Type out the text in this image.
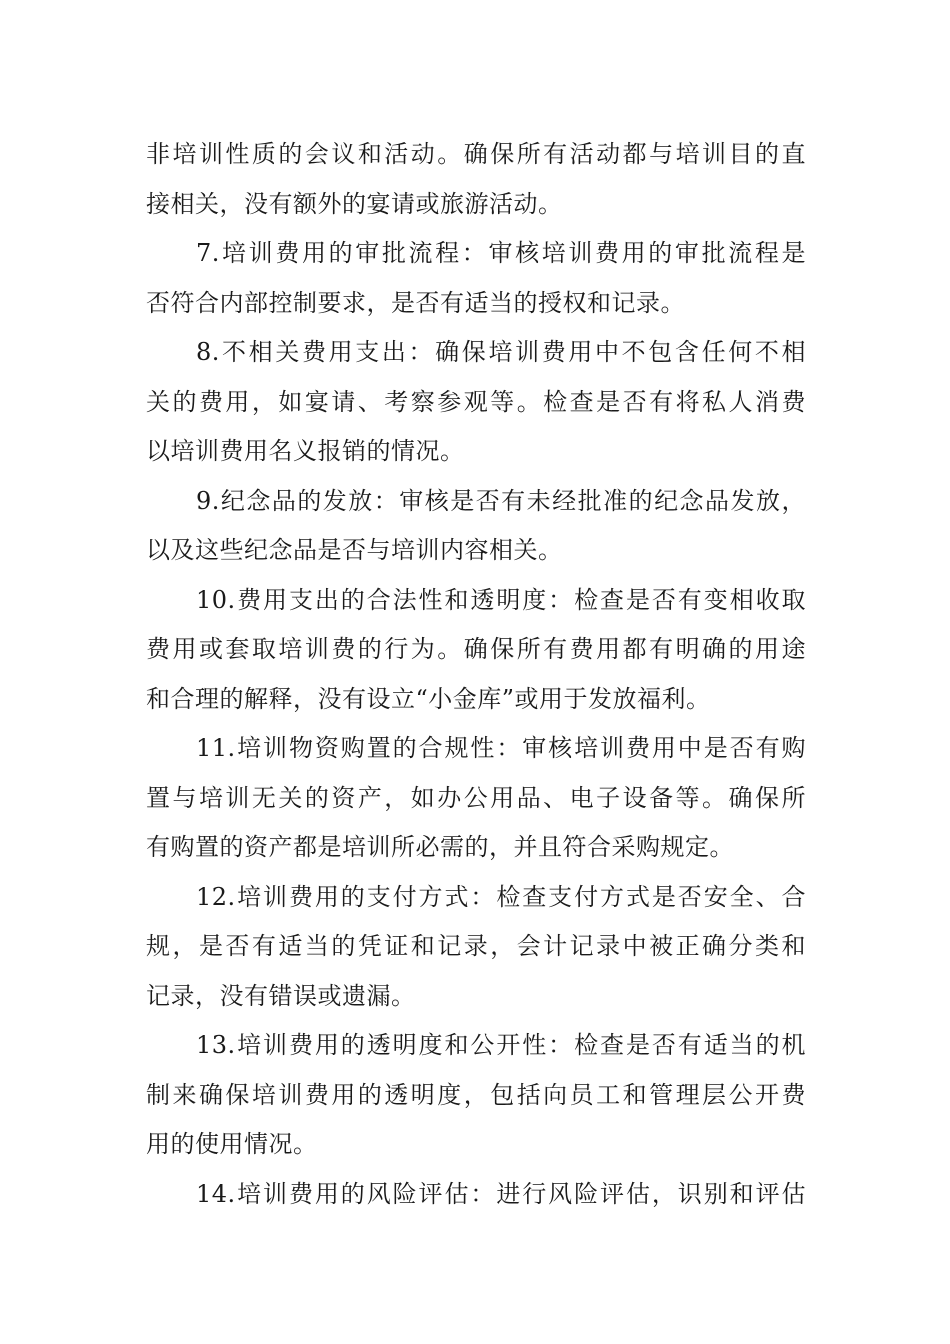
非培训性质的会议和活动。确保所有活动都与培训目的直
接相关，没有额外的宴请或旅游活动。
7.培训费用的审批流程：审核培训费用的审批流程是
否符合内部控制要求，是否有适当的授权和记录。
8.不相关费用支出：确保培训费用中不包含任何不相
关的费用，如宴请、考察参观等。检查是否有将私人消费
以培训费用名义报销的情况。
9.纪念品的发放：审核是否有未经批准的纪念品发放，
以及这些纪念品是否与培训内容相关。
10.费用支出的合法性和透明度：检查是否有变相收取
费用或套取培训费的行为。确保所有费用都有明确的用途
和合理的解释，没有设立“小金库”或用于发放福利。
11.培训物资购置的合规性：审核培训费用中是否有购
置与培训无关的资产，如办公用品、电子设备等。确保所
有购置的资产都是培训所必需的，并且符合采购规定。
12.培训费用的支付方式：检查支付方式是否安全、合
规，是否有适当的凭证和记录，会计记录中被正确分类和
记录，没有错误或遗漏。
13.培训费用的透明度和公开性：检查是否有适当的机
制来确保培训费用的透明度，包括向员工和管理层公开费
用的使用情况。
14.培训费用的风险评估：进行风险评估，识别和评估
